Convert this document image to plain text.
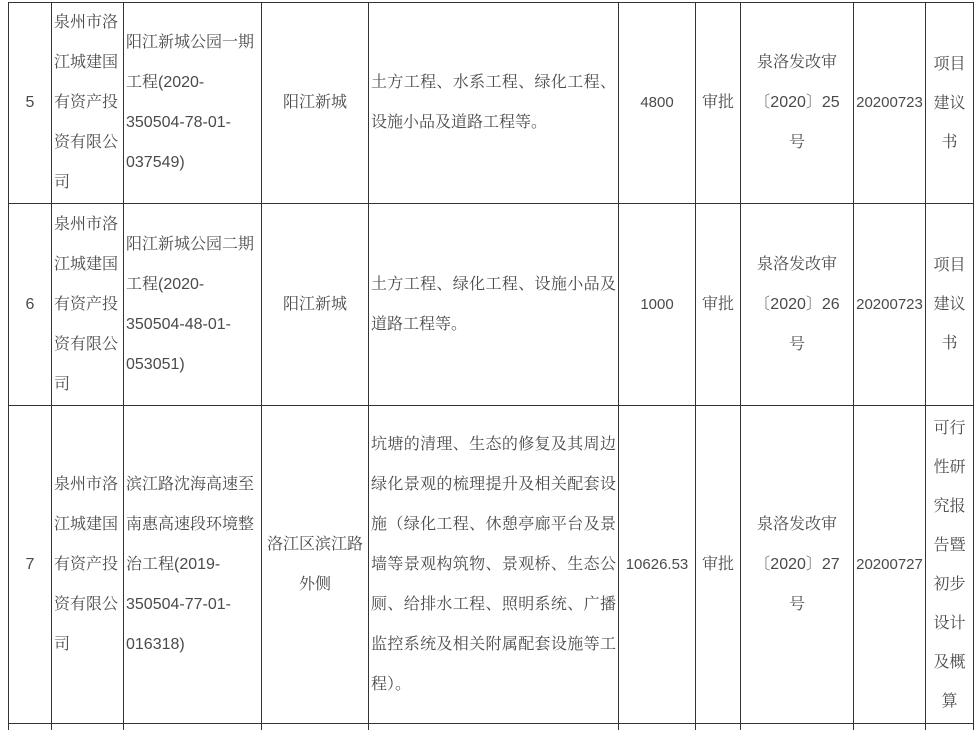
5	泉州市洛江城建国有资产投资有限公司	阳江新城公园一期工程(2020-350504-78-01-037549)	阳江新城	土方工程、水系工程、绿化工程、设施小品及道路工程等。	4800	审批	泉洛发改审〔2020〕25号	20200723	项目建议书
6	泉州市洛江城建国有资产投资有限公司	阳江新城公园二期工程(2020-350504-48-01-053051)	阳江新城	土方工程、绿化工程、设施小品及道路工程等。	1000	审批	泉洛发改审〔2020〕26号	20200723	项目建议书
7	泉州市洛江城建国有资产投资有限公司	滨江路沈海高速至南惠高速段环境整治工程(2019-350504-77-01-016318)	洛江区滨江路外侧	坑塘的清理、生态的修复及其周边绿化景观的梳理提升及相关配套设施（绿化工程、休憩亭廊平台及景墙等景观构筑物、景观桥、生态公厕、给排水工程、照明系统、广播监控系统及相关附属配套设施等工程）。	10626.53	审批	泉洛发改审〔2020〕27号	20200727	可行性研究报告暨初步设计及概算
